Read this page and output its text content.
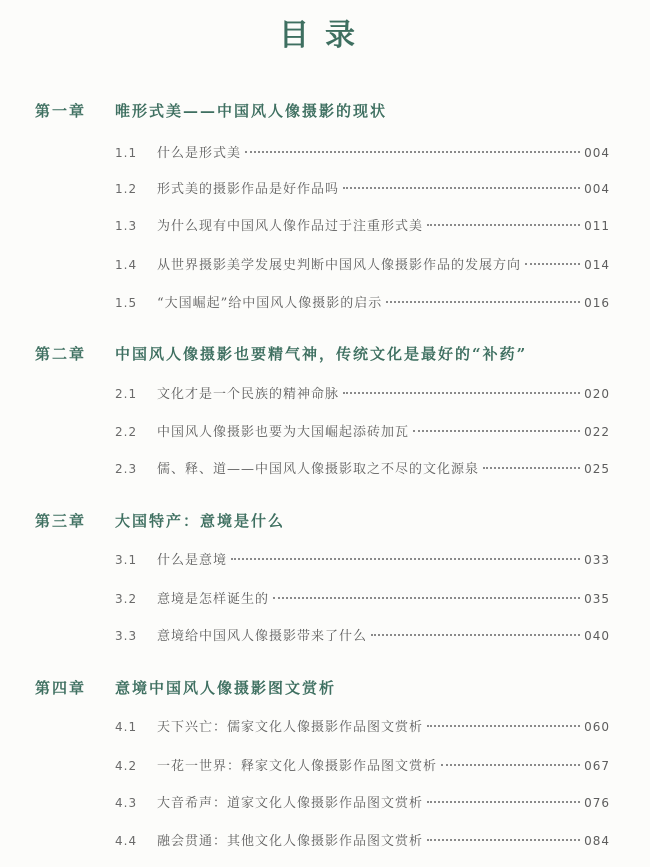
目录
第一章 唯形式美——中国风人像摄影的现状
1.1	什么是形式美	004
1.2	形式美的摄影作品是好作品吗	004
1.3	为什么现有中国风人像作品过于注重形式美	011
1.4	从世界摄影美学发展史判断中国风人像摄影作品的发展方向	014
1.5	“大国崛起”给中国风人像摄影的启示	016
第二章 中国风人像摄影也要精气神，传统文化是最好的“补药”
2.1	文化才是一个民族的精神命脉	020
2.2	中国风人像摄影也要为大国崛起添砖加瓦	022
2.3	儒、释、道——中国风人像摄影取之不尽的文化源泉	025
第三章 大国特产：意境是什么
3.1	什么是意境	033
3.2	意境是怎样诞生的	035
3.3	意境给中国风人像摄影带来了什么	040
第四章 意境中国风人像摄影图文赏析
4.1	天下兴亡：儒家文化人像摄影作品图文赏析	060
4.2	一花一世界：释家文化人像摄影作品图文赏析	067
4.3	大音希声：道家文化人像摄影作品图文赏析	076
4.4	融会贯通：其他文化人像摄影作品图文赏析	084
